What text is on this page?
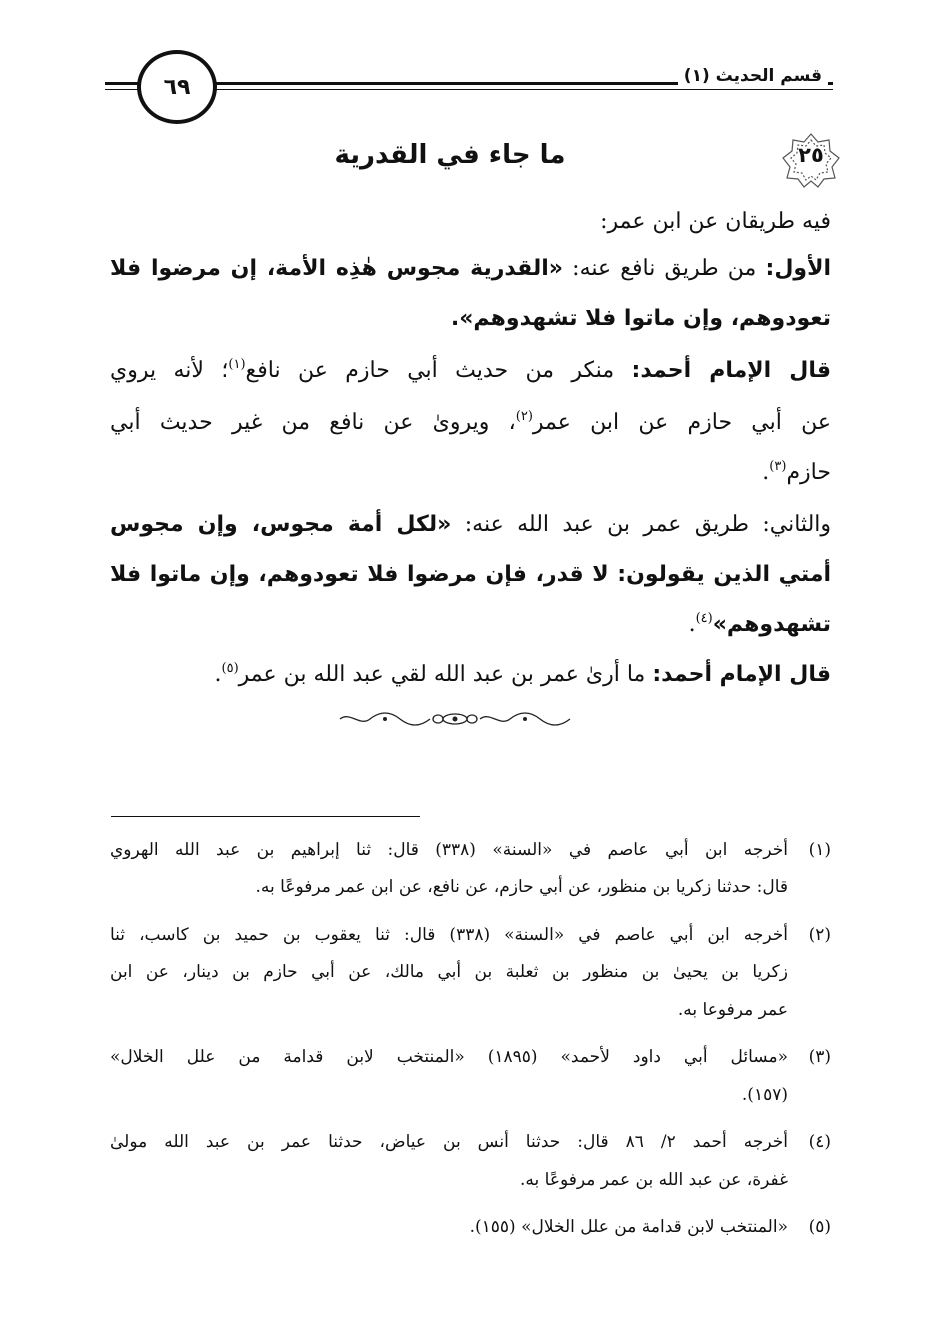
٦٩	قسم الحديث (١)
٢٥
ما جاء في القدرية
فيه طريقان عن ابن عمر:
الأول: من طريق نافع عنه: «القدرية مجوس هٰذِه الأمة، إن مرضوا فلا
تعودوهم، وإن ماتوا فلا تشهدوهم».
قال الإمام أحمد: منكر من حديث أبي حازم عن نافع$^{(١)}$؛ لأنه يروي
عن أبي حازم عن ابن عمر$^{(٢)}$، ويرویٰ عن نافع من غير حديث أبي
حازم$^{(٣)}$.
والثاني: طريق عمر بن عبد الله عنه: «لكل أمة مجوس، وإن مجوس
أمتي الذين يقولون: لا قدر، فإن مرضوا فلا تعودوهم، وإن ماتوا فلا
تشهدوهم»$^{(٤)}$.
قال الإمام أحمد: ما أرىٰ عمر بن عبد الله لقي عبد الله بن عمر$^{(٥)}$.
(١)
أخرجه ابن أبي عاصم في «السنة» (٣٣٨) قال: ثنا إبراهيم بن عبد الله الهروي
قال: حدثنا زكريا بن منظور، عن أبي حازم، عن نافع، عن ابن عمر مرفوعًا به.
(٢)
أخرجه ابن أبي عاصم في «السنة» (٣٣٨) قال: ثنا يعقوب بن حميد بن كاسب، ثنا
زكريا بن يحيىٰ بن منظور بن ثعلبة بن أبي مالك، عن أبي حازم بن دينار، عن ابن
عمر مرفوعا به.
(٣)
«مسائل أبي داود لأحمد» (١٨٩٥) «المنتخب لابن قدامة من علل الخلال»
(١٥٧).
(٤)
أخرجه أحمد ٢/ ٨٦ قال: حدثنا أنس بن عياض، حدثنا عمر بن عبد الله مولىٰ
غفرة، عن عبد الله بن عمر مرفوعًا به.
(٥)
«المنتخب لابن قدامة من علل الخلال» (١٥٥).
